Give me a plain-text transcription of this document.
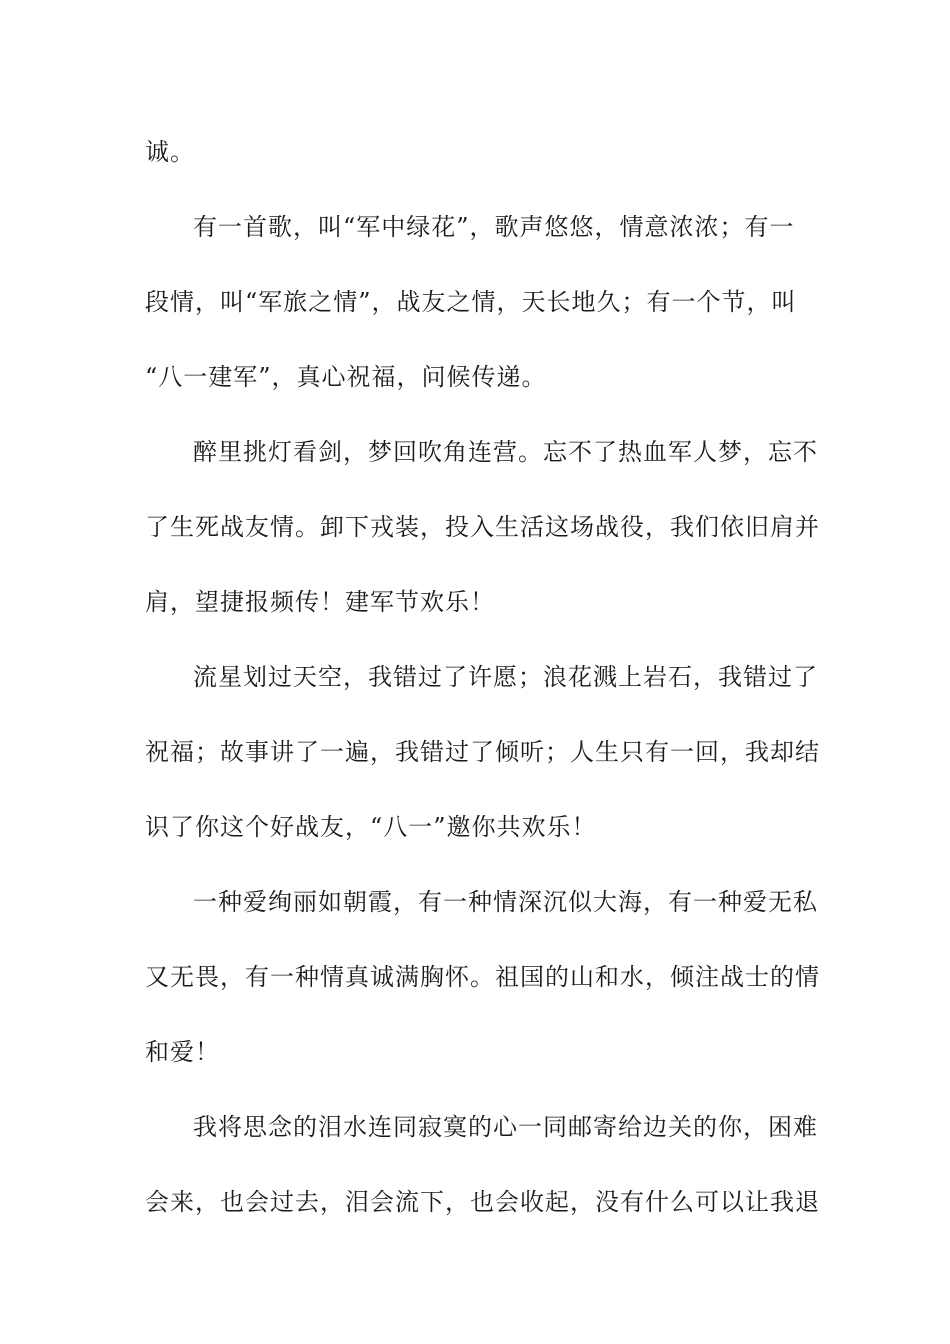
诚。
有一首歌，叫“军中绿花”，歌声悠悠，情意浓浓；有一
段情，叫“军旅之情”，战友之情，天长地久；有一个节，叫
“八一建军”，真心祝福，问候传递。
醉里挑灯看剑，梦回吹角连营。忘不了热血军人梦，忘不
了生死战友情。卸下戎装，投入生活这场战役，我们依旧肩并
肩，望捷报频传！建军节欢乐！
流星划过天空，我错过了许愿；浪花溅上岩石，我错过了
祝福；故事讲了一遍，我错过了倾听；人生只有一回，我却结
识了你这个好战友，“八一”邀你共欢乐！
一种爱绚丽如朝霞，有一种情深沉似大海，有一种爱无私
又无畏，有一种情真诚满胸怀。祖国的山和水，倾注战士的情
和爱！
我将思念的泪水连同寂寞的心一同邮寄给边关的你，困难
会来，也会过去，泪会流下，也会收起，没有什么可以让我退
